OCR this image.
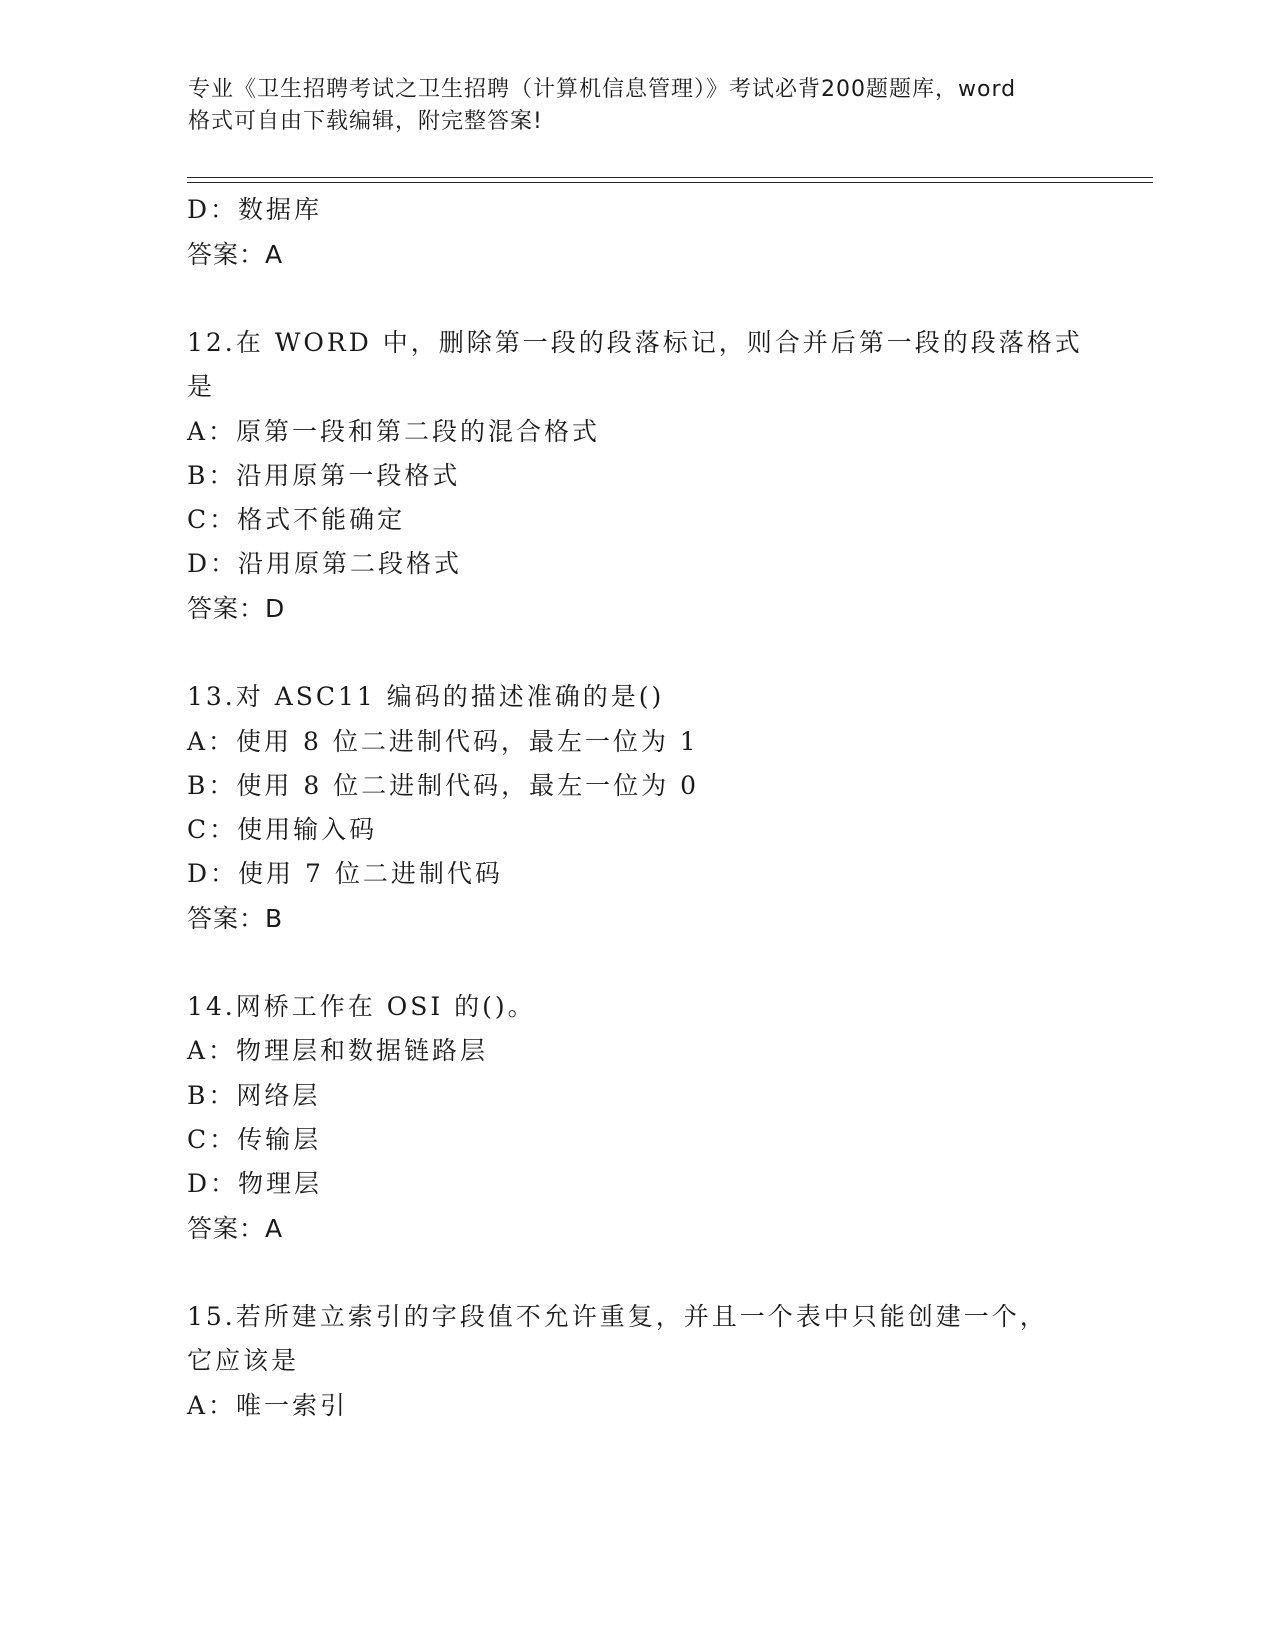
专业《卫生招聘考试之卫生招聘（计算机信息管理）》考试必背200题题库，word
格式可自由下载编辑，附完整答案!
D：数据库
答案：A
12.在 WORD 中，删除第一段的段落标记，则合并后第一段的段落格式
是
A：原第一段和第二段的混合格式
B：沿用原第一段格式
C：格式不能确定
D：沿用原第二段格式
答案：D
13.对 ASC11 编码的描述准确的是()
A：使用 8 位二进制代码，最左一位为 1
B：使用 8 位二进制代码，最左一位为 0
C：使用输入码
D：使用 7 位二进制代码
答案：B
14.网桥工作在 OSI 的()。
A：物理层和数据链路层
B：网络层
C：传输层
D：物理层
答案：A
15.若所建立索引的字段值不允许重复，并且一个表中只能创建一个，
它应该是
A：唯一索引
